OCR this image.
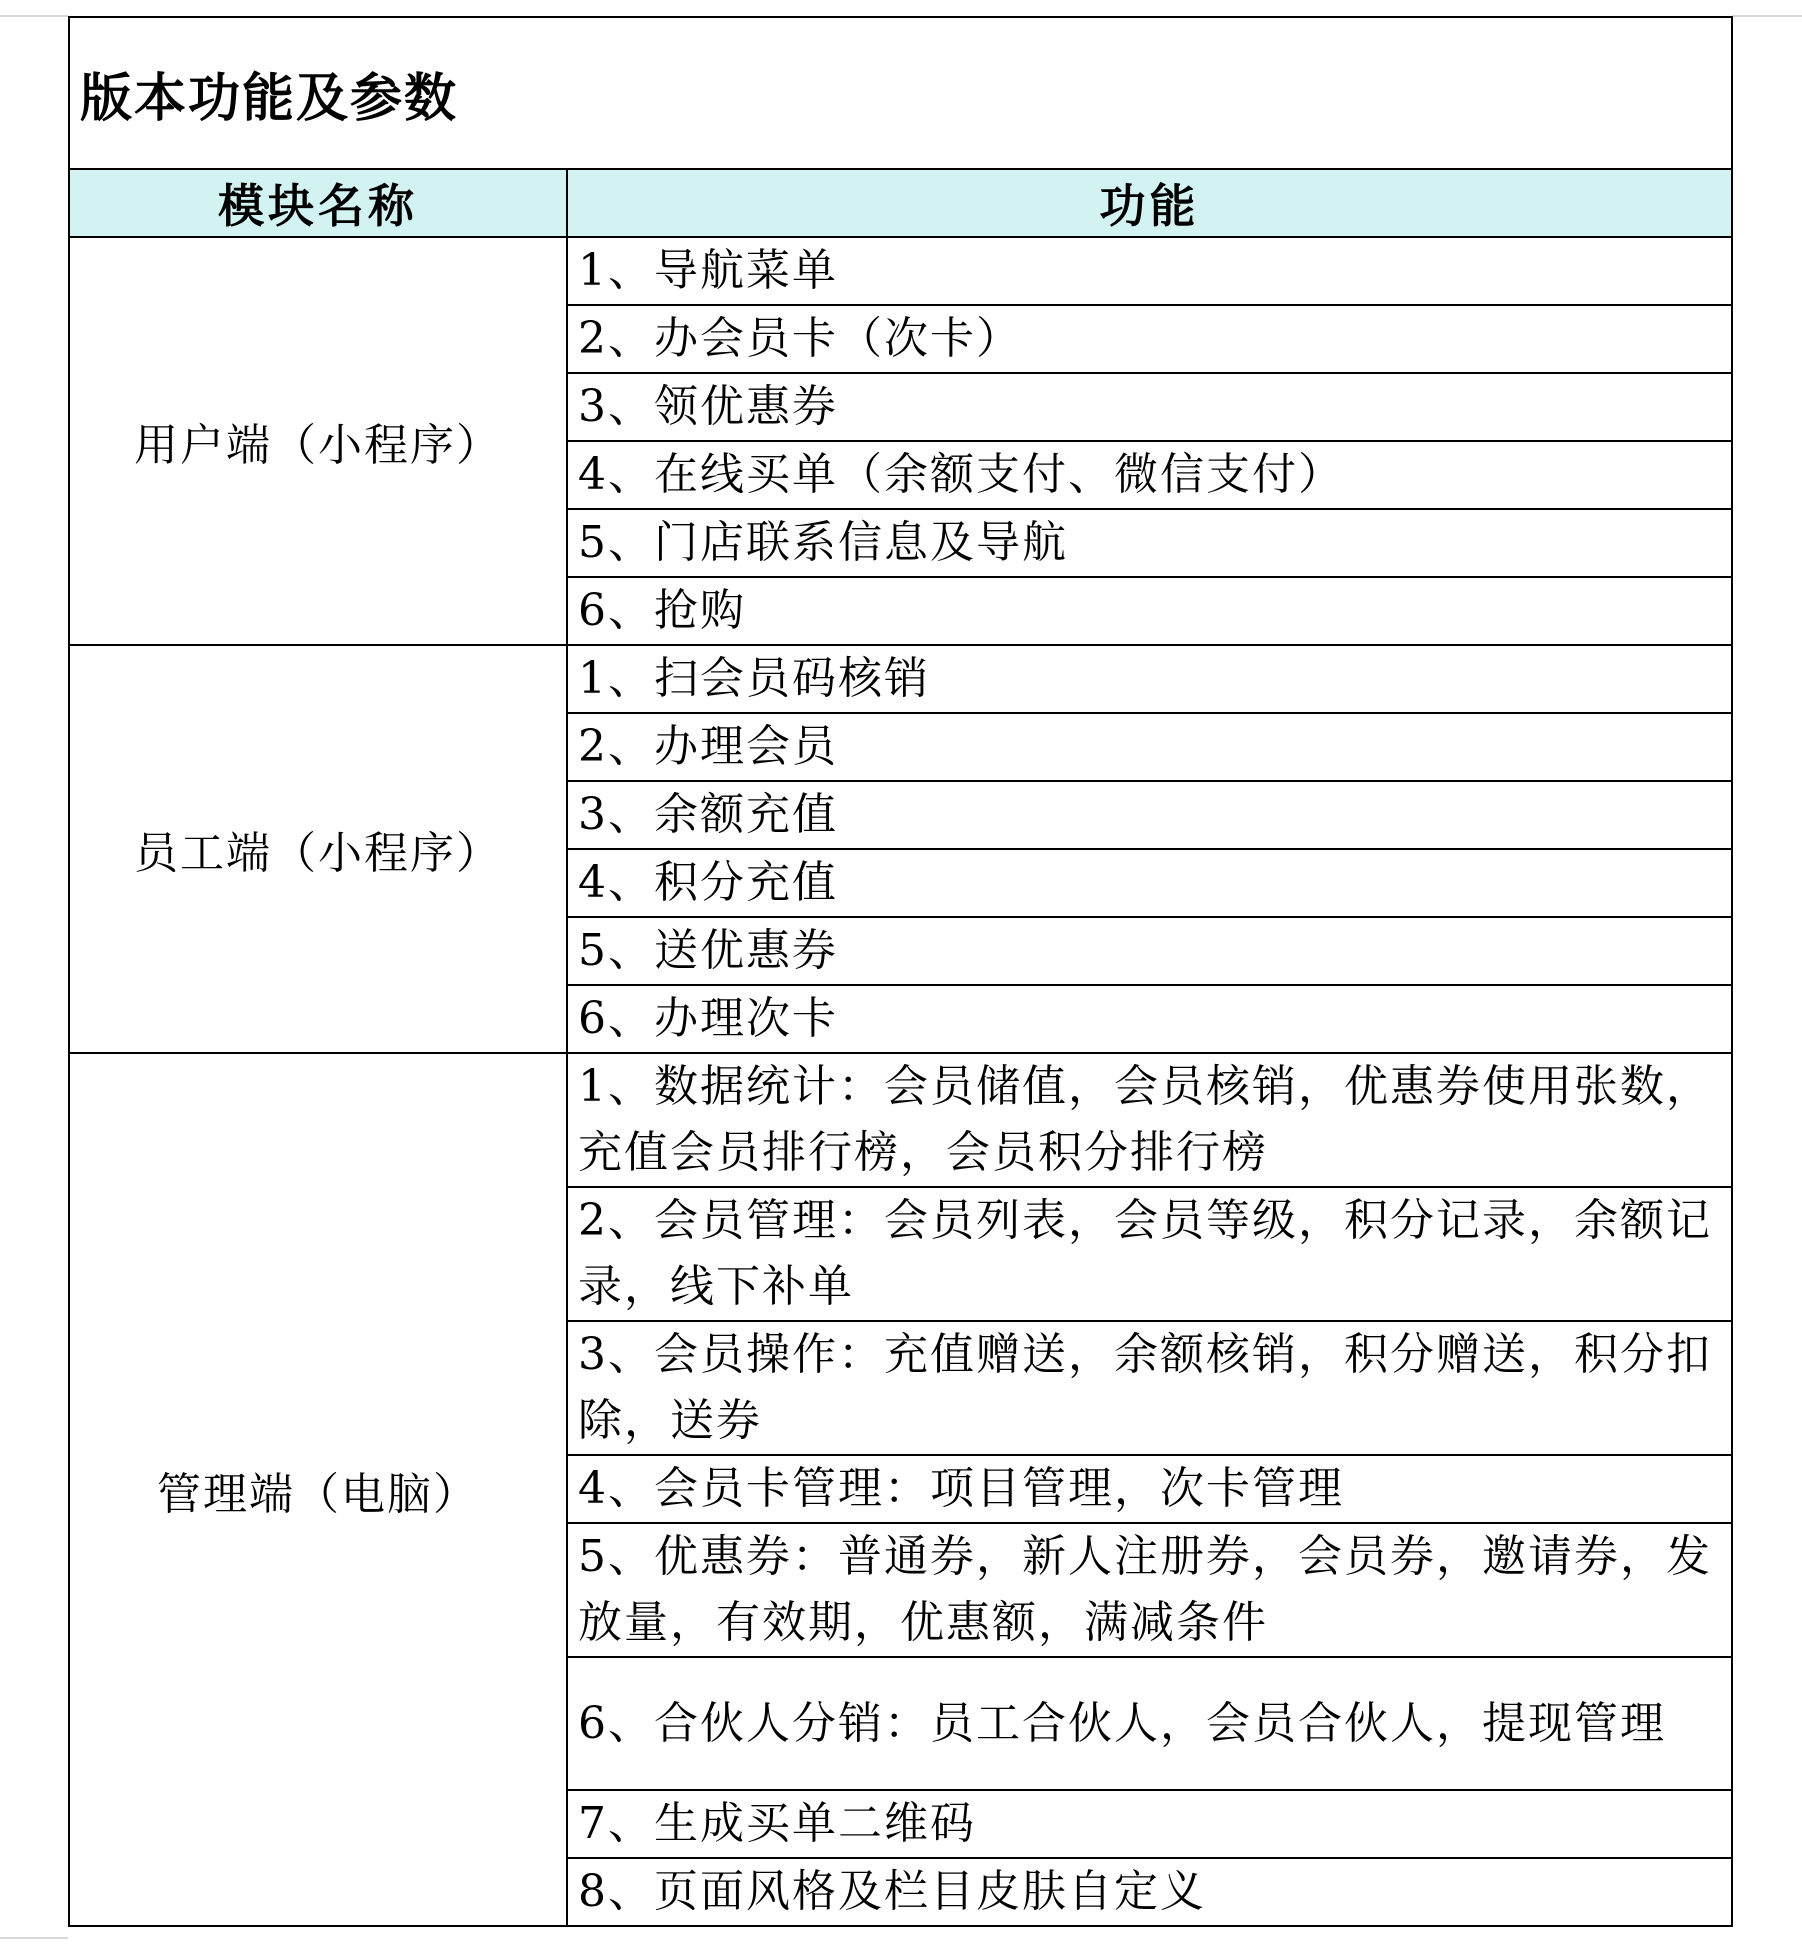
版本功能及参数	
模块名称	功能
用户端（小程序）	1、导航菜单
	2、办会员卡（次卡）
	3、领优惠券
	4、在线买单（余额支付、微信支付）
	5、门店联系信息及导航
	6、抢购
员工端（小程序）	1、扫会员码核销
	2、办理会员
	3、余额充值
	4、积分充值
	5、送优惠券
	6、办理次卡
管理端（电脑）	1、数据统计：会员储值，会员核销，优惠券使用张数，充值会员排行榜，会员积分排行榜
	2、会员管理：会员列表，会员等级，积分记录，余额记录，线下补单
	3、会员操作：充值赠送，余额核销，积分赠送，积分扣除，送券
	4、会员卡管理：项目管理，次卡管理
	5、优惠券：普通券，新人注册券，会员券，邀请券，发放量，有效期，优惠额，满减条件
	6、合伙人分销：员工合伙人，会员合伙人，提现管理
	7、生成买单二维码
	8、页面风格及栏目皮肤自定义
